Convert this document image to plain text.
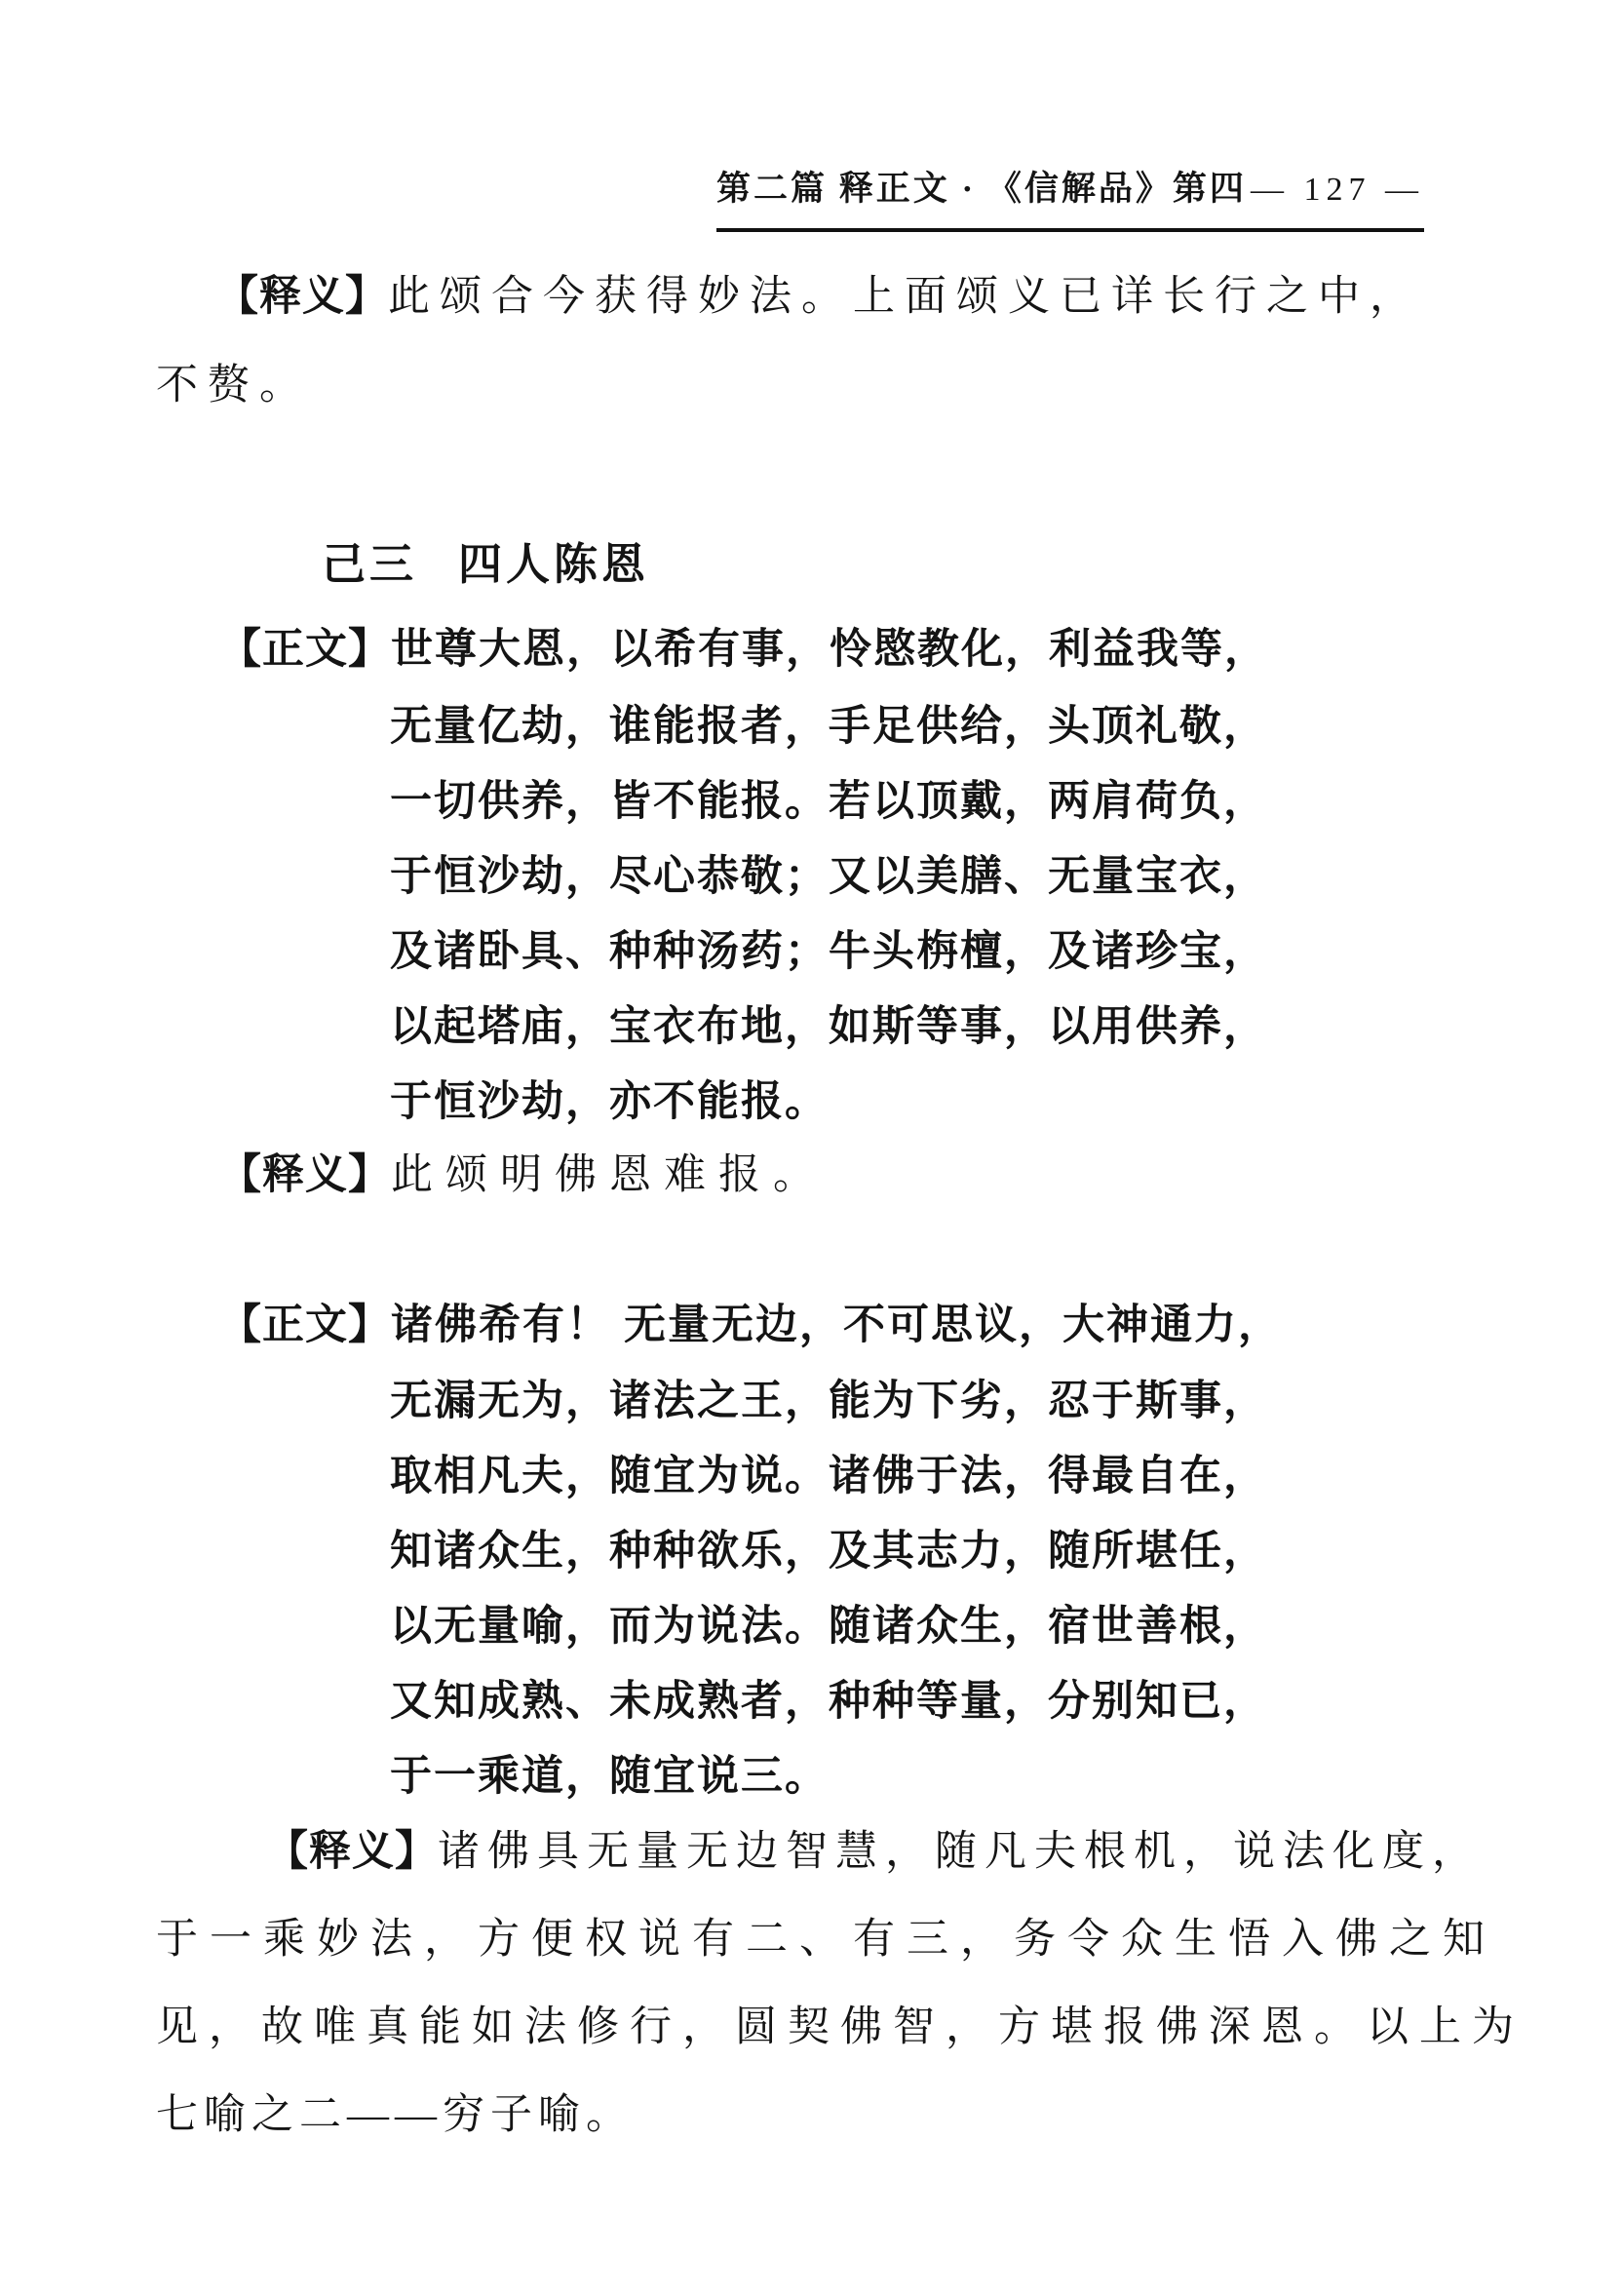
第二篇 释正文 · 《信解品》第四 — 127 —
【释义】此颂合今获得妙法。上面颂义已详长行之中，
不赘。
己三 四人陈恩
【正文】世尊大恩，以希有事，怜愍教化，利益我等，
无量亿劫，谁能报者，手足供给，头顶礼敬，
一切供养，皆不能报。若以顶戴，两肩荷负，
于恒沙劫，尽心恭敬；又以美膳、无量宝衣，
及诸卧具、种种汤药；牛头栴檀，及诸珍宝，
以起塔庙，宝衣布地，如斯等事，以用供养，
于恒沙劫，亦不能报。
【释义】此颂明佛恩难报。
【正文】诸佛希有！ 无量无边，不可思议，大神通力，
无漏无为，诸法之王，能为下劣，忍于斯事，
取相凡夫，随宜为说。诸佛于法，得最自在，
知诸众生，种种欲乐，及其志力，随所堪任，
以无量喻，而为说法。随诸众生，宿世善根，
又知成熟、未成熟者，种种等量，分别知已，
于一乘道，随宜说三。
【释义】诸佛具无量无边智慧，随凡夫根机，说法化度，
于一乘妙法，方便权说有二、有三，务令众生悟入佛之知
见，故唯真能如法修行，圆契佛智，方堪报佛深恩。以上为
七喻之二——穷子喻。
